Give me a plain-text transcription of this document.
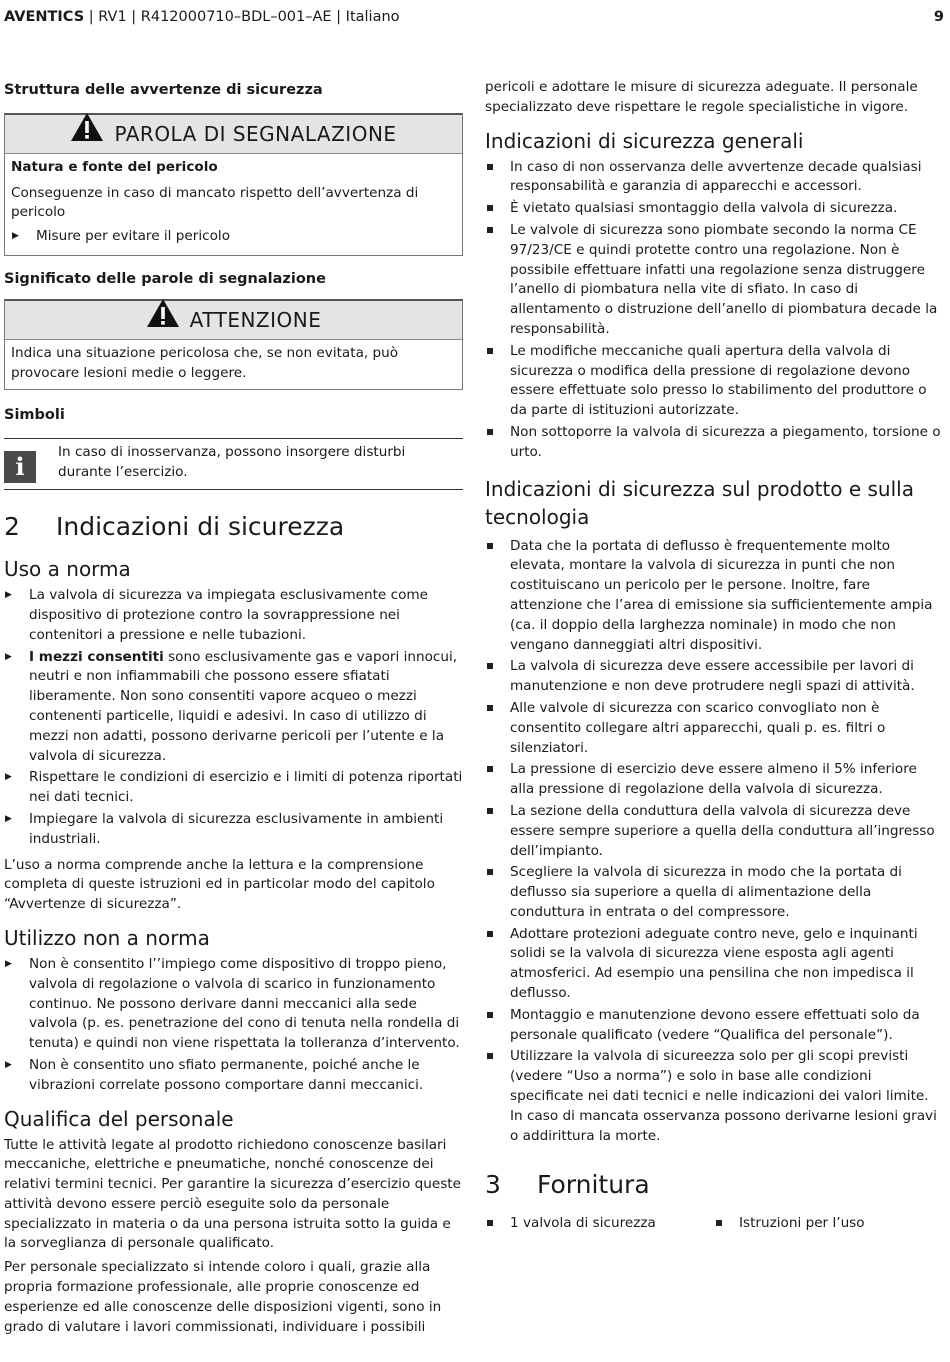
AVENTICS | RV1 | R412000710–BDL–001–AE | Italiano	9
Struttura delle avvertenze di sicurezza
PAROLA DI SEGNALAZIONE

Natura e fonte del pericolo

Conseguenze in caso di mancato rispetto dell’avvertenza di pericolo

▶ Misure per evitare il pericolo
Significato delle parole di segnalazione
ATTENZIONE

Indica una situazione pericolosa che, se non evitata, può provocare lesioni medie o leggere.

Simboli
i	In caso di inosservanza, possono insorgere disturbi durante l’esercizio.
2 Indicazioni di sicurezza
Uso a norma
▶ La valvola di sicurezza va impiegata esclusivamente come dispositivo di protezione contro la sovrappressione nei contenitori a pressione e nelle tubazioni.
▶ I mezzi consentiti sono esclusivamente gas e vapori innocui, neutri e non infiammabili che possono essere sfiatati liberamente. Non sono consentiti vapore acqueo o mezzi contenenti particelle, liquidi e adesivi. In caso di utilizzo di mezzi non adatti, possono derivarne pericoli per l’utente e la valvola di sicurezza.
▶ Rispettare le condizioni di esercizio e i limiti di potenza riportati nei dati tecnici.
▶ Impiegare la valvola di sicurezza esclusivamente in ambienti industriali.

L’uso a norma comprende anche la lettura e la comprensione completa di queste istruzioni ed in particolar modo del capitolo “Avvertenze di sicurezza”.

Utilizzo non a norma
▶ Non è consentito l’’impiego come dispositivo di troppo pieno, valvola di regolazione o valvola di scarico in funzionamento continuo. Ne possono derivare danni meccanici alla sede valvola (p. es. penetrazione del cono di tenuta nella rondella di tenuta) e quindi non viene rispettata la tolleranza d’intervento.
▶ Non è consentito uno sfiato permanente, poiché anche le vibrazioni correlate possono comportare danni meccanici.
Qualifica del personale

Tutte le attività legate al prodotto richiedono conoscenze basilari meccaniche, elettriche e pneumatiche, nonché conoscenze dei relativi termini tecnici. Per garantire la sicurezza d’esercizio queste attività devono essere perciò eseguite solo da personale specializzato in materia o da una persona istruita sotto la guida e la sorveglianza di personale qualificato.

Per personale specializzato si intende coloro i quali, grazie alla propria formazione professionale, alle proprie conoscenze ed esperienze ed alle conoscenze delle disposizioni vigenti, sono in grado di valutare i lavori commissionati, individuare i possibili

pericoli e adottare le misure di sicurezza adeguate. Il personale specializzato deve rispettare le regole specialistiche in vigore.

Indicazioni di sicurezza generali
In caso di non osservanza delle avvertenze decade qualsiasi responsabilità e garanzia di apparecchi e accessori.
È vietato qualsiasi smontaggio della valvola di sicurezza.
Le valvole di sicurezza sono piombate secondo la norma CE 97/23/CE e quindi protette contro una regolazione. Non è possibile effettuare infatti una regolazione senza distruggere l’anello di piombatura nella vite di sfiato. In caso di allentamento o distruzione dell’anello di piombatura decade la responsabilità.
Le modifiche meccaniche quali apertura della valvola di sicurezza o modifica della pressione di regolazione devono essere effettuate solo presso lo stabilimento del produttore o da parte di istituzioni autorizzate.
Non sottoporre la valvola di sicurezza a piegamento, torsione o urto.
Indicazioni di sicurezza sul prodotto e sulla tecnologia
Data che la portata di deflusso è frequentemente molto elevata, montare la valvola di sicurezza in punti che non costituiscano un pericolo per le persone. Inoltre, fare attenzione che l’area di emissione sia sufficientemente ampia (ca. il doppio della larghezza nominale) in modo che non vengano danneggiati altri dispositivi.
La valvola di sicurezza deve essere accessibile per lavori di manutenzione e non deve protrudere negli spazi di attività.
Alle valvole di sicurezza con scarico convogliato non è consentito collegare altri apparecchi, quali p. es. filtri o silenziatori.
La pressione di esercizio deve essere almeno il 5% inferiore alla pressione di regolazione della valvola di sicurezza.
La sezione della conduttura della valvola di sicurezza deve essere sempre superiore a quella della conduttura all’ingresso dell’impianto.
Scegliere la valvola di sicurezza in modo che la portata di deflusso sia superiore a quella di alimentazione della conduttura in entrata o del compressore.
Adottare protezioni adeguate contro neve, gelo e inquinanti solidi se la valvola di sicurezza viene esposta agli agenti atmosferici. Ad esempio una pensilina che non impedisca il deflusso.
Montaggio e manutenzione devono essere effettuati solo da personale qualificato (vedere “Qualifica del personale”).
Utilizzare la valvola di sicureezza solo per gli scopi previsti (vedere “Uso a norma”) e solo in base alle condizioni specificate nei dati tecnici e nelle indicazioni dei valori limite. In caso di mancata osservanza possono derivarne lesioni gravi o addirittura la morte.
3 Fornitura
1 valvola di sicurezza	Istruzioni per l’uso
